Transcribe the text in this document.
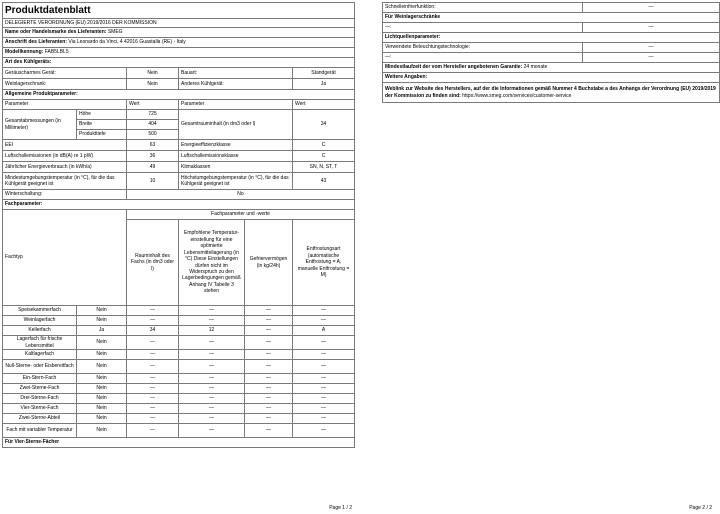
Produktdatenblatt					
DELEGIERTE VERORDNUNG (EU) 2019/2016 DER KOMMISSION					
Name oder Handelsmarke des Lieferanten: SMEG					
Anschrift des Lieferanten: Via Leonardo da Vinci, 4 42016 Guastalla (RE) - Italy					
Modellkennung: FAB5LBL5					
Art des Kühlgeräts:					
Geräuscharmes Gerät:		Nein	Bauart:		Standgerät
Weinlagerschrank:		Nein	Anderes Kühlgerät:		Ja
Allgemeine Produktparameter:					
Parameter		Wert	Parameter		Wert
Gesamtabmessungen (in Millimeter)	Höhe	725	Gesamtrauminhalt (in dm3 oder l)		34
	Breite	404			
	Produkttiefe	500			
EEI		63	Energieeffizienzklasse		C
Luftschallemissionen (in dB(A) re 1 pW)		36	Luftschallemissionsklasse		C
Jährlicher Energieverbrauch (in kWh/a)		49	Klimaklassen		SN, N, ST, T
Mindestumgebungstemperatur (in °C), für die das Kühlgerät geeignet ist		10	Höchstumgebungstemperatur (in °C), für die das Kühlgerät geeignet ist		43
Winterschaltung:		No			
Fachparameter:					
Fachtyp		Fachparameter und -werte			
		Rauminhalt des Fachs (in dm3 oder l)	Empfohlene Temperatur-einstellung für eine optimierte Lebensmittellagerung (in °C) Diese Einstellungen dürfen nicht im Widerspruch zu den Lagerbedingungen gemäß Anhang IV Tabelle 3 stehen	Gefriervermögen (in kg/24h)	Entfrostungsart (automatische Entfrostung = A, manuelle Entfrostung = M)
Speisekammerfach	Nein	—	—	—	—
Weinlagerfach	Nein	—	—	—	—
Kellerfach	Ja	34	12	—	A
Lagerfach für frische Lebensmittel	Nein	—	—	—	—
Kaltlagerfach	Nein	—	—	—	—
Null-Sterne- oder Eisbereitfach	Nein	—	—	—	—
Ein-Stern-Fach	Nein	—	—	—	—
Zwei-Sterne-Fach	Nein	—	—	—	—
Drei-Sterne-Fach	Nein	—	—	—	—
Vier-Sterne-Fach	Nein	—	—	—	—
Zwei-Sterne-Abteil	Nein	—	—	—	—
Fach mit variabler Temperatur	Nein	—	—	—	—
Für Vier-Sterne-Fächer					
Page 1 / 2
Schnelleinfrierfunktion:	—
Für Weinlagerschränke	
—:	—
Lichtquellenparameter:	
Verwendete Beleuchtungstechnologie:	—
—:	—
Mindestlaufzeit der vom Hersteller angebotenen Garantie: 24 monate	
Weitere Angaben:	
Weblink zur Website des Herstellers, auf der die Informationen gemäß Nummer 4 Buchstabe a des Anhangs der Verordnung (EU) 2019/2019 der Kommission zu finden sind: https://www.smeg.com/services/customer-service	
Page 2 / 2
